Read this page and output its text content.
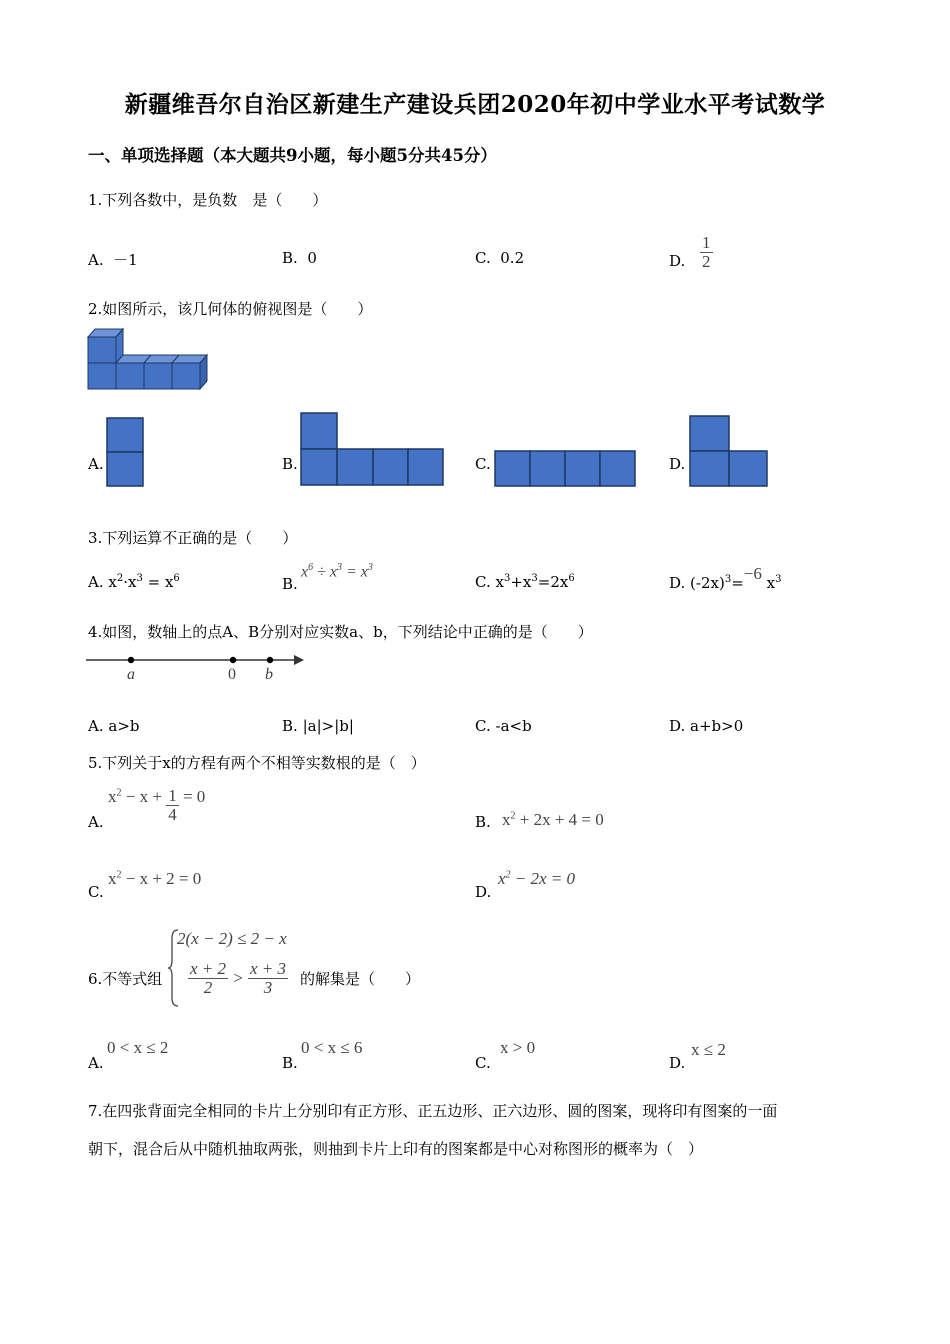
新疆维吾尔自治区新建生产建设兵团2020年初中学业水平考试数学
一、单项选择题（本大题共9小题，每小题5分共45分）
1.下列各数中，是负数　是（　　）
A. －1	B. 0	C. 0.2	D. $\frac{1}{2}$
2.如图所示，该几何体的俯视图是（　　）
A.	B.	C.	D.
3.下列运算不正确的是（　　）
A. $x^2\cdot x^3 = x^6$	B.
$x^6 \div x^3 = x^3$
C. $x^3+x^3=2x^6$	D. $(-2x)^3=-6$ $x^3$
4.如图，数轴上的点A、B分别对应实数a、b，下列结论中正确的是（　　）
a	0 b
A. a>b	B. |a|>|b|	C. -a<b	D. a+b>0
5.下列关于x的方程有两个不相等实数根的是（　）
A.
$x^2 - x + \frac{1}{4} = 0$
B. $x^2 + 2x + 4 = 0$
C.
$x^2 - x + 2 = 0$
D.
$x^2 - 2x = 0$
6.不等式组
2(x − 2) ≤ 2 − x
$\frac{x + 2}{2} > \frac{x + 3}{3}$ 的解集是（　　）
A.
0 < x ≤ 2
B.
0 < x ≤ 6
C.
x > 0
D.
x ≤ 2
7.在四张背面完全相同的卡片上分别印有正方形、正五边形、正六边形、圆的图案，现将印有图案的一面
朝下，混合后从中随机抽取两张，则抽到卡片上印有的图案都是中心对称图形的概率为（　）
